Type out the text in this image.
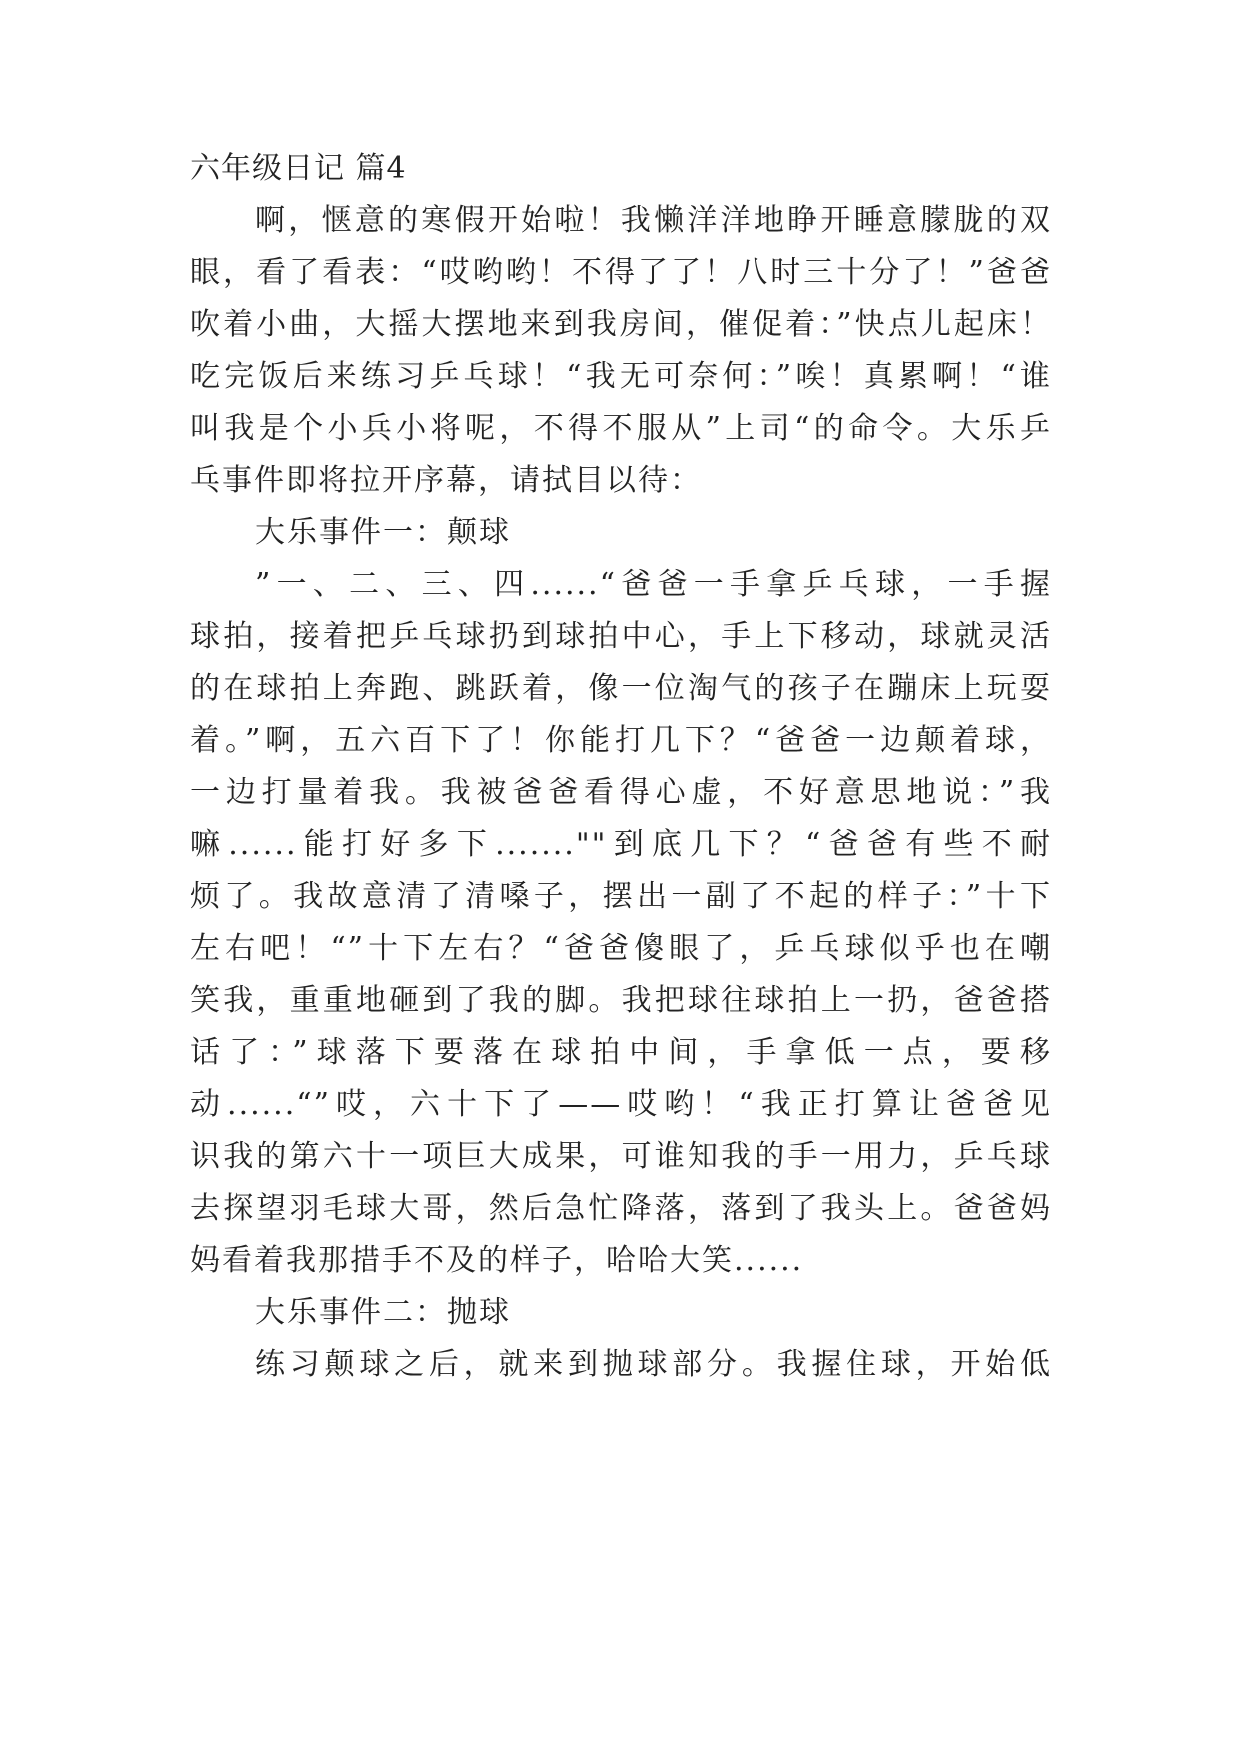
六年级日记 篇4
啊，惬意的寒假开始啦！我懒洋洋地睁开睡意朦胧的双
眼，看了看表：“哎哟哟！不得了了！八时三十分了！”爸爸
吹着小曲，大摇大摆地来到我房间，催促着：”快点儿起床！
吃完饭后来练习乒乓球！“我无可奈何：”唉！真累啊！“谁
叫我是个小兵小将呢，不得不服从”上司“的命令。大乐乒
乓事件即将拉开序幕，请拭目以待：
大乐事件一：颠球
”一、二、三、四......“爸爸一手拿乒乓球，一手握
球拍，接着把乒乓球扔到球拍中心，手上下移动，球就灵活
的在球拍上奔跑、跳跃着，像一位淘气的孩子在蹦床上玩耍
着。”啊，五六百下了！你能打几下？“爸爸一边颠着球，
一边打量着我。我被爸爸看得心虚，不好意思地说：”我
嘛......能打好多下.......""到底几下？“爸爸有些不耐
烦了。我故意清了清嗓子，摆出一副了不起的样子：”十下
左右吧！“”十下左右？“爸爸傻眼了，乒乓球似乎也在嘲
笑我，重重地砸到了我的脚。我把球往球拍上一扔，爸爸搭
话了：”球落下要落在球拍中间，手拿低一点，要移
动......“”哎，六十下了——哎哟！“我正打算让爸爸见
识我的第六十一项巨大成果，可谁知我的手一用力，乒乓球
去探望羽毛球大哥，然后急忙降落，落到了我头上。爸爸妈
妈看着我那措手不及的样子，哈哈大笑......
大乐事件二：抛球
练习颠球之后，就来到抛球部分。我握住球，开始低
